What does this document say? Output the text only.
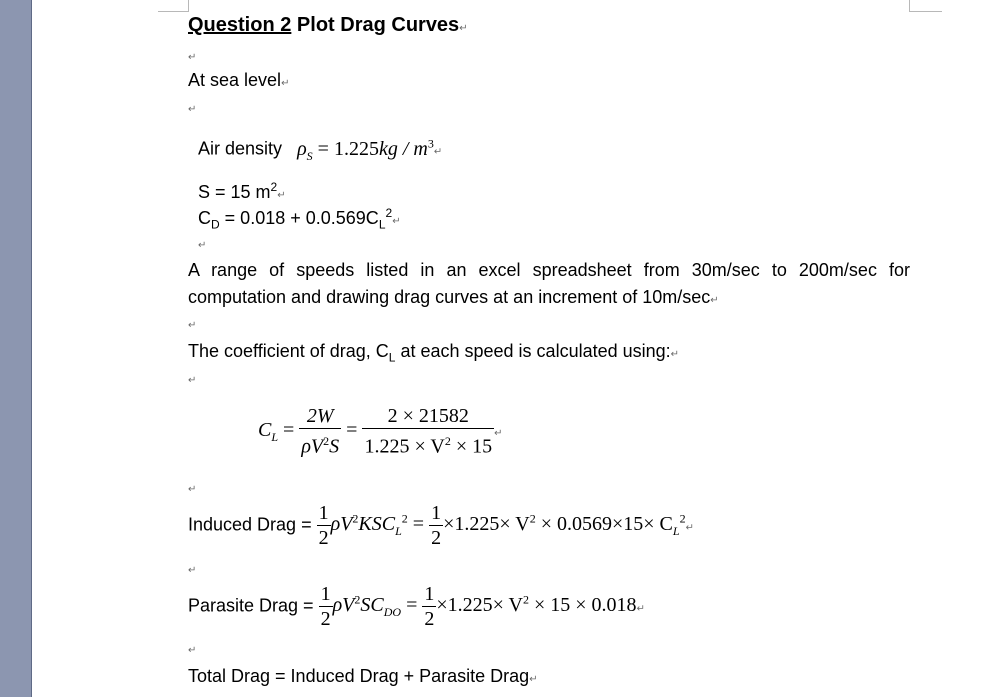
Question 2 Plot Drag Curves↵
↵
At sea level↵
↵
Air density $\rho_S = 1.225kg$ / $m^3↵$
S = 15 $m^2↵$
$C_D = 0.018$ + $0.0.569C_L^2↵$
↵
A range of speeds listed in an excel spreadsheet from 30m/sec to 200m/sec for computation and drawing drag curves at an increment of 10m/sec↵
↵
The coefficient of drag, $C_L$ at each speed is calculated using:↵
↵
$C_L = \frac{2W}{\rho V^2S} = \frac{2 \times 21582}{1.225 \times V^2 \times 15}$ ↵
↵
Induced Drag = $\frac{1}{2} \rho V^2KSC_L^2 = \frac{1}{2} \times 1.225\times V^2 \times 0.0569\times 15\times$ $C_L^2↵$
↵
Parasite Drag = $\frac{1}{2} \rho V^2SC_{DO} = \frac{1}{2} \times 1.225\times V^2 \times 15$ × 0.018↵
↵
Total Drag = Induced Drag + Parasite Drag↵
